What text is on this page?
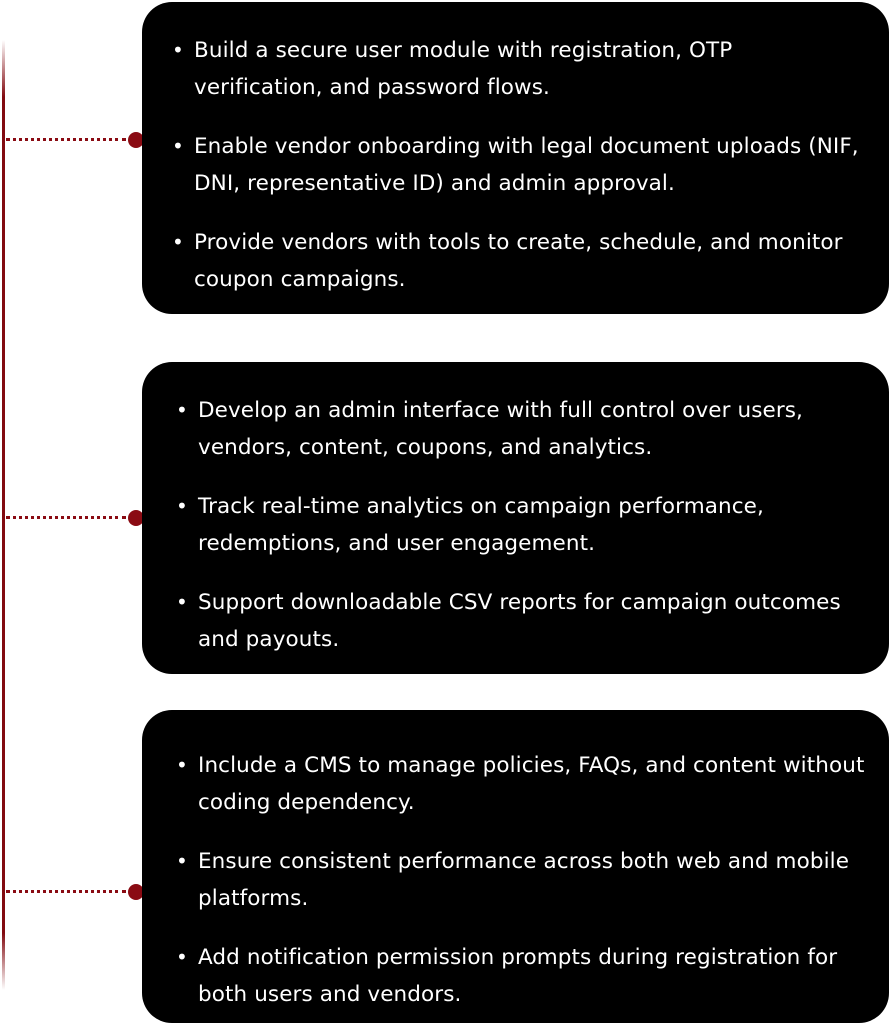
• Build a secure user module with registration, OTP verification, and password flows.
• Enable vendor onboarding with legal document uploads (NIF, DNI, representative ID) and admin approval.
• Provide vendors with tools to create, schedule, and monitor coupon campaigns.
• Develop an admin interface with full control over users, vendors, content, coupons, and analytics.
• Track real-time analytics on campaign performance, redemptions, and user engagement.
• Support downloadable CSV reports for campaign outcomes and payouts.
• Include a CMS to manage policies, FAQs, and content without coding dependency.
• Ensure consistent performance across both web and mobile platforms.
• Add notification permission prompts during registration for both users and vendors.
